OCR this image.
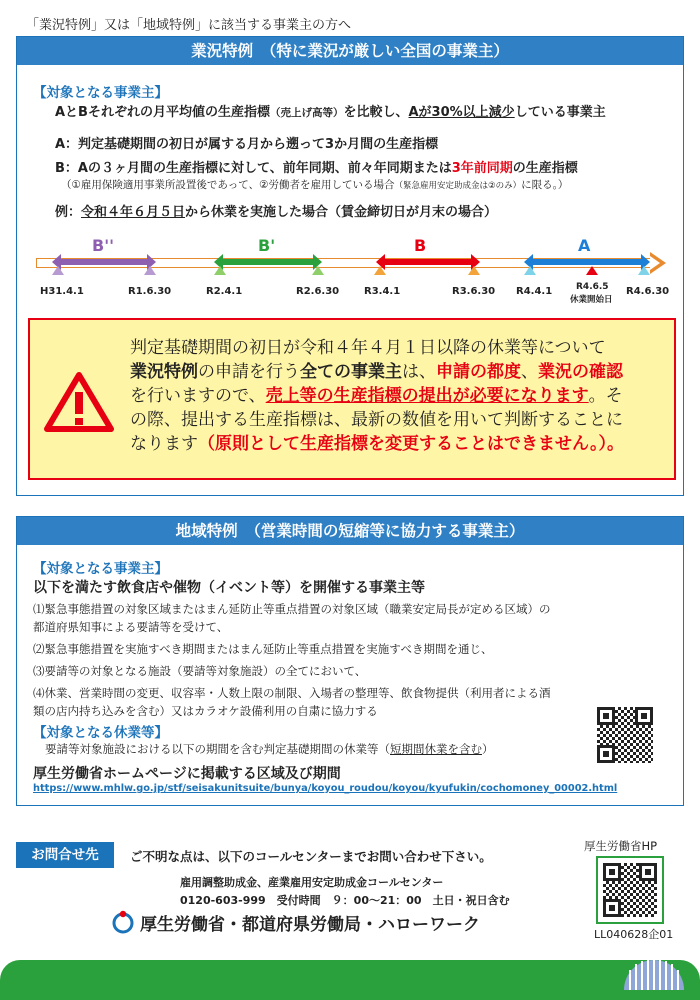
「業況特例」又は「地域特例」に該当する事業主の方へ
業況特例　（特に業況が厳しい全国の事業主）
【対象となる事業主】
AとBそれぞれの月平均値の生産指標（売上げ高等）を比較し、Aが30%以上減少している事業主
A：判定基礎期間の初日が属する月から遡って3か月間の生産指標
B：Aの３ヶ月間の生産指標に対して、前年同期、前々年同期または3年前同期の生産指標
（①雇用保険適用事業所設置後であって、②労働者を雇用している場合（緊急雇用安定助成金は②のみ）に限る。）
例：令和４年６月５日から休業を実施した場合（賃金締切日が月末の場合）
B''	B'	B	A
H31.4.1	R1.6.30	R2.4.1	R2.6.30 R3.4.1	R3.6.30 R4.4.1	R4.6.30
R4.6.5
休業開始日
判定基礎期間の初日が令和４年４月１日以降の休業等について
業況特例の申請を行う全ての事業主は、申請の都度、業況の確認
を行いますので、売上等の生産指標の提出が必要になります。そ
の際、提出する生産指標は、最新の数値を用いて判断することに
なります（原則として生産指標を変更することはできません。）。
地域特例　（営業時間の短縮等に協力する事業主）
【対象となる事業主】
以下を満たす飲食店や催物（イベント等）を開催する事業主等
⑴緊急事態措置の対象区域またはまん延防止等重点措置の対象区域（職業安定局長が定める区域）の
都道府県知事による要請等を受けて、
⑵緊急事態措置を実施すべき期間またはまん延防止等重点措置を実施すべき期間を通じ、
⑶要請等の対象となる施設（要請等対象施設）の全てにおいて、
⑷休業、営業時間の変更、収容率・人数上限の制限、入場者の整理等、飲食物提供（利用者による酒
類の店内持ち込みを含む）又はカラオケ設備利用の自粛に協力する
【対象となる休業等】
要請等対象施設における以下の期間を含む判定基礎期間の休業等（短期間休業を含む）
厚生労働省ホームページに掲載する区域及び期間
https://www.mhlw.go.jp/stf/seisakunitsuite/bunya/koyou_roudou/koyou/kyufukin/cochomoney_00002.html
お問合せ先	ご不明な点は、以下のコールセンターまでお問い合わせ下さい。
雇用調整助成金、産業雇用安定助成金コールセンター
0120-603-999　受付時間　９：00～21：00　土日・祝日含む
厚生労働省・都道府県労働局・ハローワーク
厚生労働省HP
LL040628企01
